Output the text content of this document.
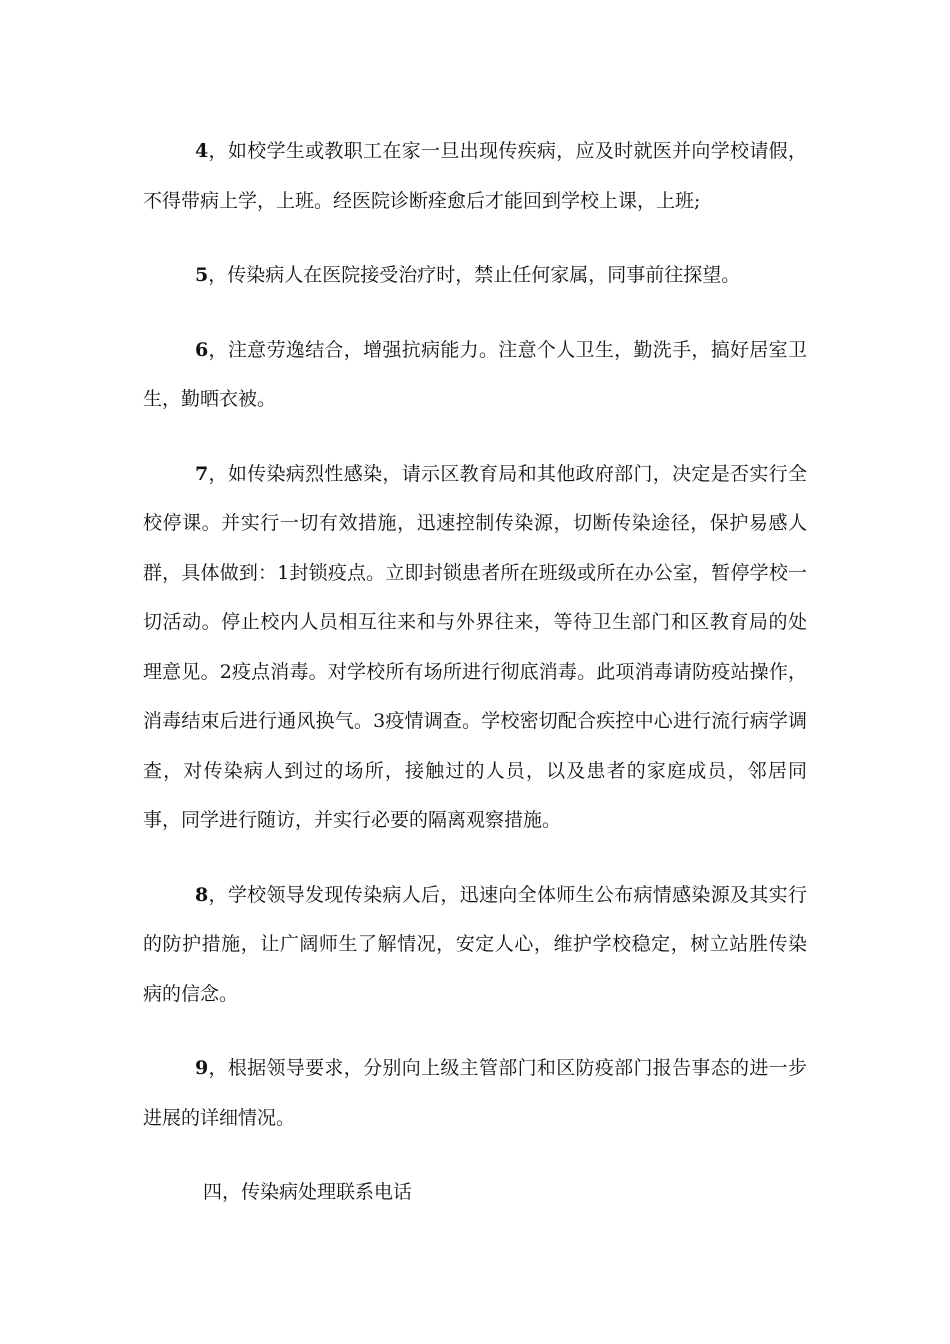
4，如校学生或教职工在家一旦出现传疾病，应及时就医并向学校请假，不得带病上学，上班。经医院诊断痊愈后才能回到学校上课，上班;

5，传染病人在医院接受治疗时，禁止任何家属，同事前往探望。

6，注意劳逸结合，增强抗病能力。注意个人卫生，勤洗手，搞好居室卫生，勤晒衣被。

7，如传染病烈性感染，请示区教育局和其他政府部门，决定是否实行全校停课。并实行一切有效措施，迅速控制传染源，切断传染途径，保护易感人群，具体做到：1封锁疫点。立即封锁患者所在班级或所在办公室，暂停学校一切活动。停止校内人员相互往来和与外界往来，等待卫生部门和区教育局的处理意见。2疫点消毒。对学校所有场所进行彻底消毒。此项消毒请防疫站操作，消毒结束后进行通风换气。3疫情调查。学校密切配合疾控中心进行流行病学调查，对传染病人到过的场所，接触过的人员，以及患者的家庭成员，邻居同事，同学进行随访，并实行必要的隔离观察措施。

8，学校领导发现传染病人后，迅速向全体师生公布病情感染源及其实行的防护措施，让广阔师生了解情况，安定人心，维护学校稳定，树立站胜传染病的信念。

9，根据领导要求，分别向上级主管部门和区防疫部门报告事态的进一步进展的详细情况。

四，传染病处理联系电话
